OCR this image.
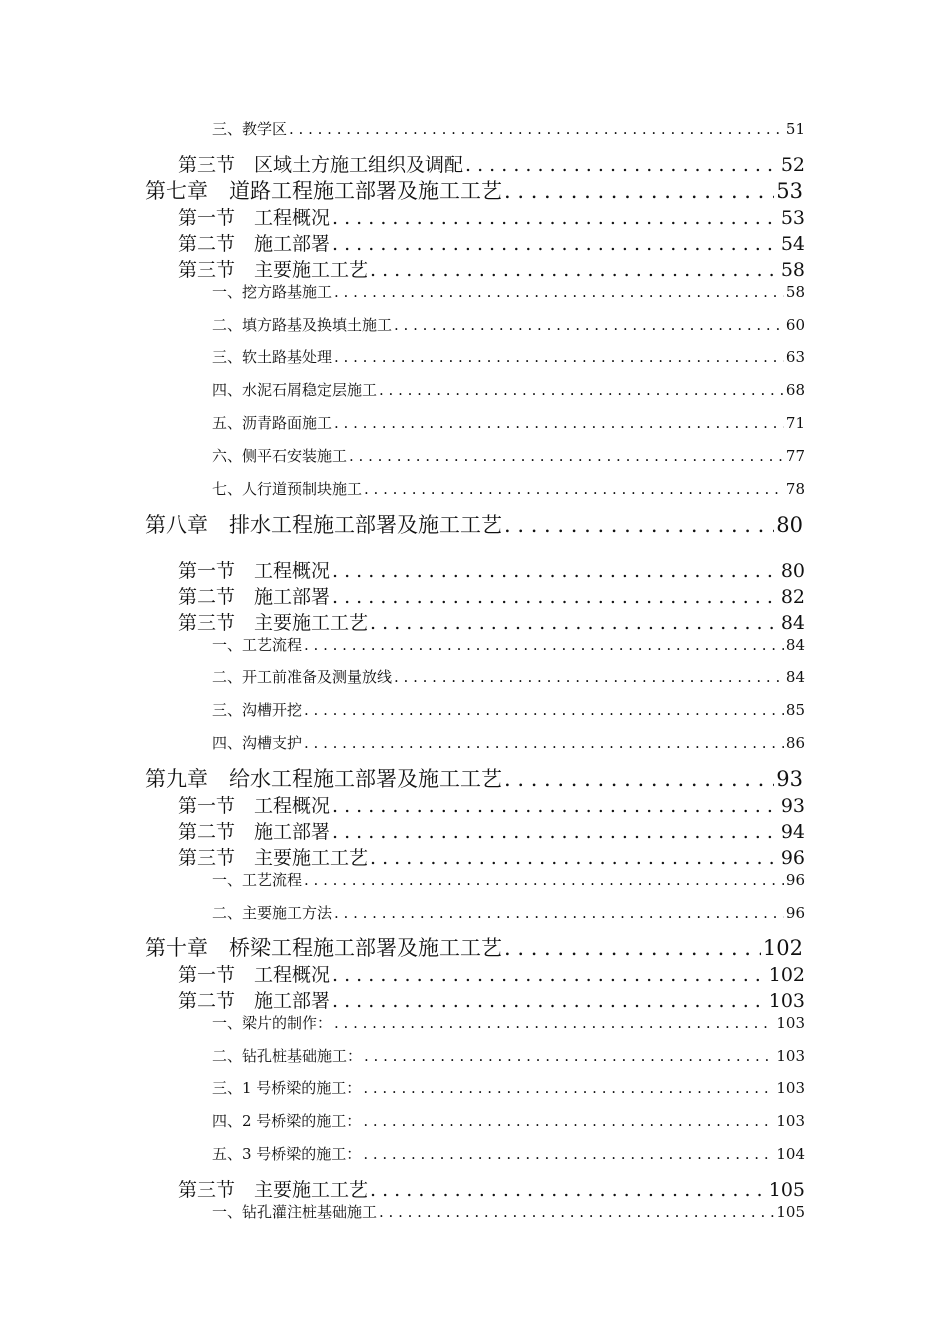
三、教学区 . . .	51
第三节　区域土方施工组织及调配 . . .	52
第七章　道路工程施工部署及施工工艺 . . .	53
第一节　工程概况 . . .	53
第二节　施工部署 . . .	54
第三节　主要施工工艺 . . .	58
一、挖方路基施工 . . .	58
二、填方路基及换填土施工 . . .	60
三、软土路基处理 . . .	63
四、水泥石屑稳定层施工 . . .	68
五、沥青路面施工 . . .	71
六、侧平石安装施工 . . .	77
七、人行道预制块施工 . . .	78
第八章　排水工程施工部署及施工工艺 . . .	80
第一节　工程概况 . . .	80
第二节　施工部署 . . .	82
第三节　主要施工工艺 . . .	84
一、工艺流程 . . .	84
二、开工前准备及测量放线 . . .	84
三、沟槽开挖 . . .	85
四、沟槽支护 . . .	86
第九章　给水工程施工部署及施工工艺 . . .	93
第一节　工程概况 . . .	93
第二节　施工部署 . . .	94
第三节　主要施工工艺 . . .	96
一、工艺流程 . . .	96
二、主要施工方法 . . .	96
第十章　桥梁工程施工部署及施工工艺 . . .	102
第一节　工程概况 . . .	102
第二节　施工部署 . . .	103
一、梁片的制作： . . .	103
二、钻孔桩基础施工： . . .	103
三、1 号桥梁的施工： . . .	103
四、2 号桥梁的施工： . . .	103
五、3 号桥梁的施工： . . .	104
第三节　主要施工工艺 . . .	105
一、钻孔灌注桩基础施工 . . .	105
